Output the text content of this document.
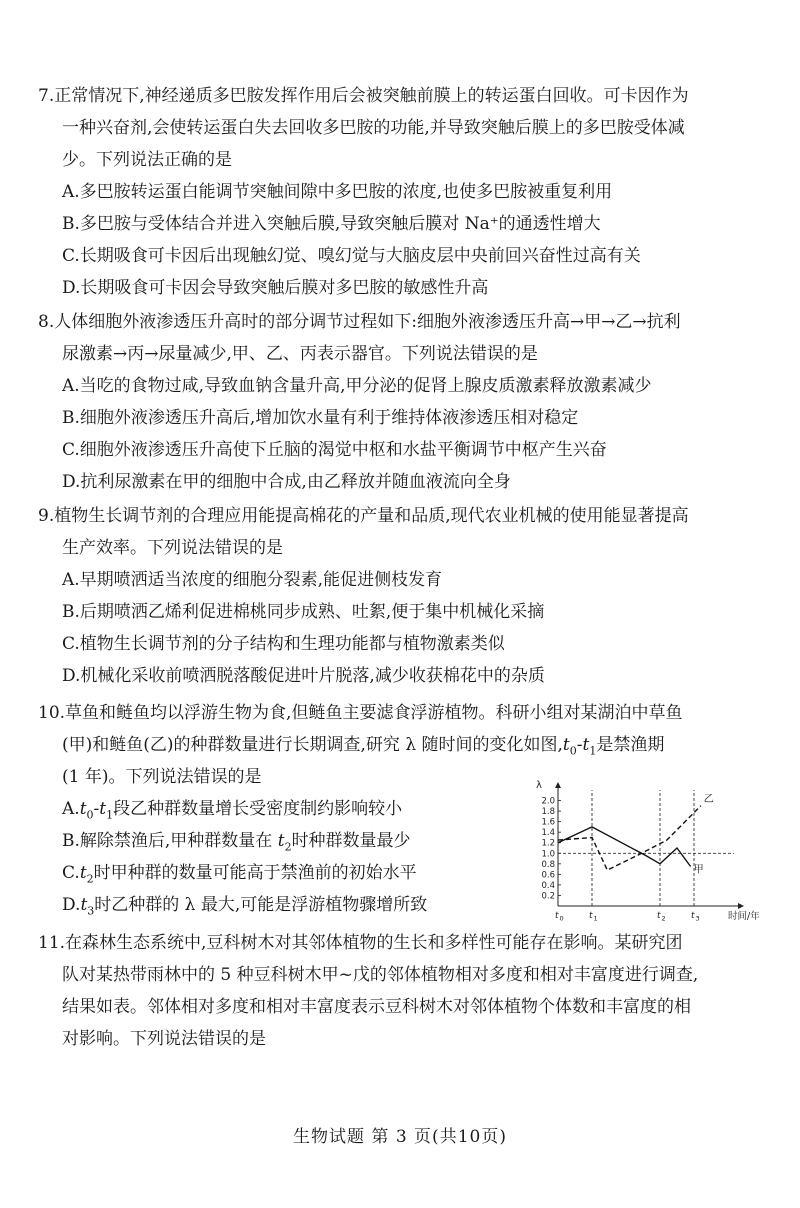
7.正常情况下,神经递质多巴胺发挥作用后会被突触前膜上的转运蛋白回收。可卡因作为
一种兴奋剂,会使转运蛋白失去回收多巴胺的功能,并导致突触后膜上的多巴胺受体减
少。下列说法正确的是
A.多巴胺转运蛋白能调节突触间隙中多巴胺的浓度,也使多巴胺被重复利用
B.多巴胺与受体结合并进入突触后膜,导致突触后膜对 Na⁺的通透性增大
C.长期吸食可卡因后出现触幻觉、嗅幻觉与大脑皮层中央前回兴奋性过高有关
D.长期吸食可卡因会导致突触后膜对多巴胺的敏感性升高
8.人体细胞外液渗透压升高时的部分调节过程如下:细胞外液渗透压升高→甲→乙→抗利
尿激素→丙→尿量减少,甲、乙、丙表示器官。下列说法错误的是
A.当吃的食物过咸,导致血钠含量升高,甲分泌的促肾上腺皮质激素释放激素减少
B.细胞外液渗透压升高后,增加饮水量有利于维持体液渗透压相对稳定
C.细胞外液渗透压升高使下丘脑的渴觉中枢和水盐平衡调节中枢产生兴奋
D.抗利尿激素在甲的细胞中合成,由乙释放并随血液流向全身
9.植物生长调节剂的合理应用能提高棉花的产量和品质,现代农业机械的使用能显著提高
生产效率。下列说法错误的是
A.早期喷洒适当浓度的细胞分裂素,能促进侧枝发育
B.后期喷洒乙烯利促进棉桃同步成熟、吐絮,便于集中机械化采摘
C.植物生长调节剂的分子结构和生理功能都与植物激素类似
D.机械化采收前喷洒脱落酸促进叶片脱落,减少收获棉花中的杂质
10.草鱼和鲢鱼均以浮游生物为食,但鲢鱼主要滤食浮游植物。科研小组对某湖泊中草鱼
(甲)和鲢鱼(乙)的种群数量进行长期调查,研究 λ 随时间的变化如图$,t_0-t_1$是禁渔期
(1 年)。下列说法错误的是
$A.t_0-t_1$段乙种群数量增长受密度制约影响较小
B.解除禁渔后,甲种群数量在 $t_2$时种群数量最少
$C.t_2$时甲种群的数量可能高于禁渔前的初始水平
$D.t_3$时乙种群的 λ 最大,可能是浮游植物骤增所致
λ
2.0
1.8
1.6
1.4
1.2
1.0
0.8
0.6
0.4
0.2
t 0	t 1	t 2	t 3	时间/年
甲
乙
11.在森林生态系统中,豆科树木对其邻体植物的生长和多样性可能存在影响。某研究团
队对某热带雨林中的 5 种豆科树木甲~戊的邻体植物相对多度和相对丰富度进行调查,
结果如表。邻体相对多度和相对丰富度表示豆科树木对邻体植物个体数和丰富度的相
对影响。下列说法错误的是
生物试题 第 3 页(共10页)
